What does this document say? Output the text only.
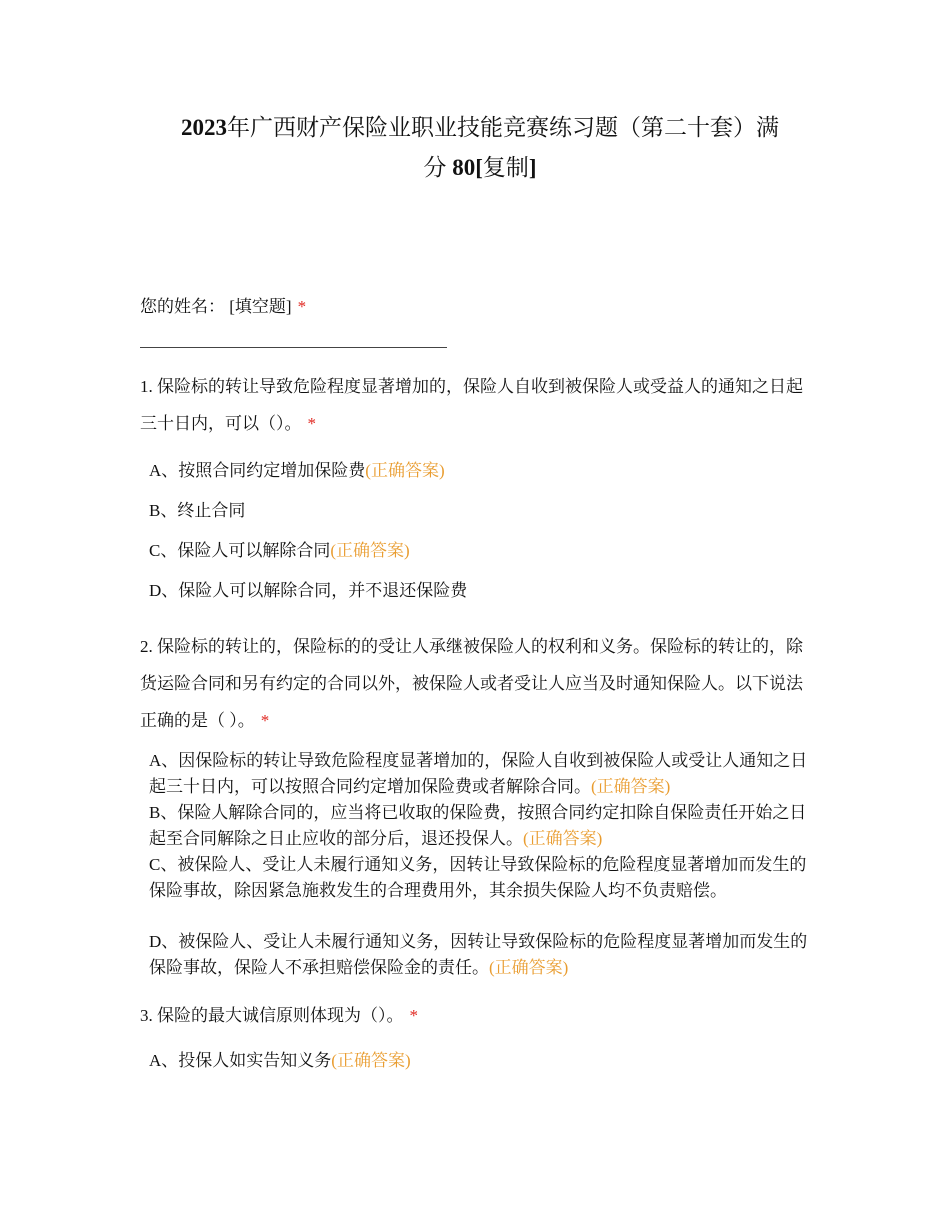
2023年广西财产保险业职业技能竞赛练习题（第二十套）满
分 80[复制]
您的姓名： [填空题] *

1. 保险标的转让导致危险程度显著增加的，保险人自收到被保险人或受益人的通知之日起三十日内，可以（）。 *

A、按照合同约定增加保险费(正确答案)
B、终止合同
C、保险人可以解除合同(正确答案)
D、保险人可以解除合同，并不退还保险费

2. 保险标的转让的，保险标的的受让人承继被保险人的权利和义务。保险标的转让的，除货运险合同和另有约定的合同以外，被保险人或者受让人应当及时通知保险人。以下说法正确的是（ ）。 *

A、因保险标的转让导致危险程度显著增加的，保险人自收到被保险人或受让人通知之日起三十日内，可以按照合同约定增加保险费或者解除合同。(正确答案)
B、保险人解除合同的，应当将已收取的保险费，按照合同约定扣除自保险责任开始之日起至合同解除之日止应收的部分后，退还投保人。(正确答案)
C、被保险人、受让人未履行通知义务，因转让导致保险标的危险程度显著增加而发生的保险事故，除因紧急施救发生的合理费用外，其余损失保险人均不负责赔偿。
D、被保险人、受让人未履行通知义务，因转让导致保险标的危险程度显著增加而发生的保险事故，保险人不承担赔偿保险金的责任。(正确答案)

3. 保险的最大诚信原则体现为（）。 *

A、投保人如实告知义务(正确答案)
